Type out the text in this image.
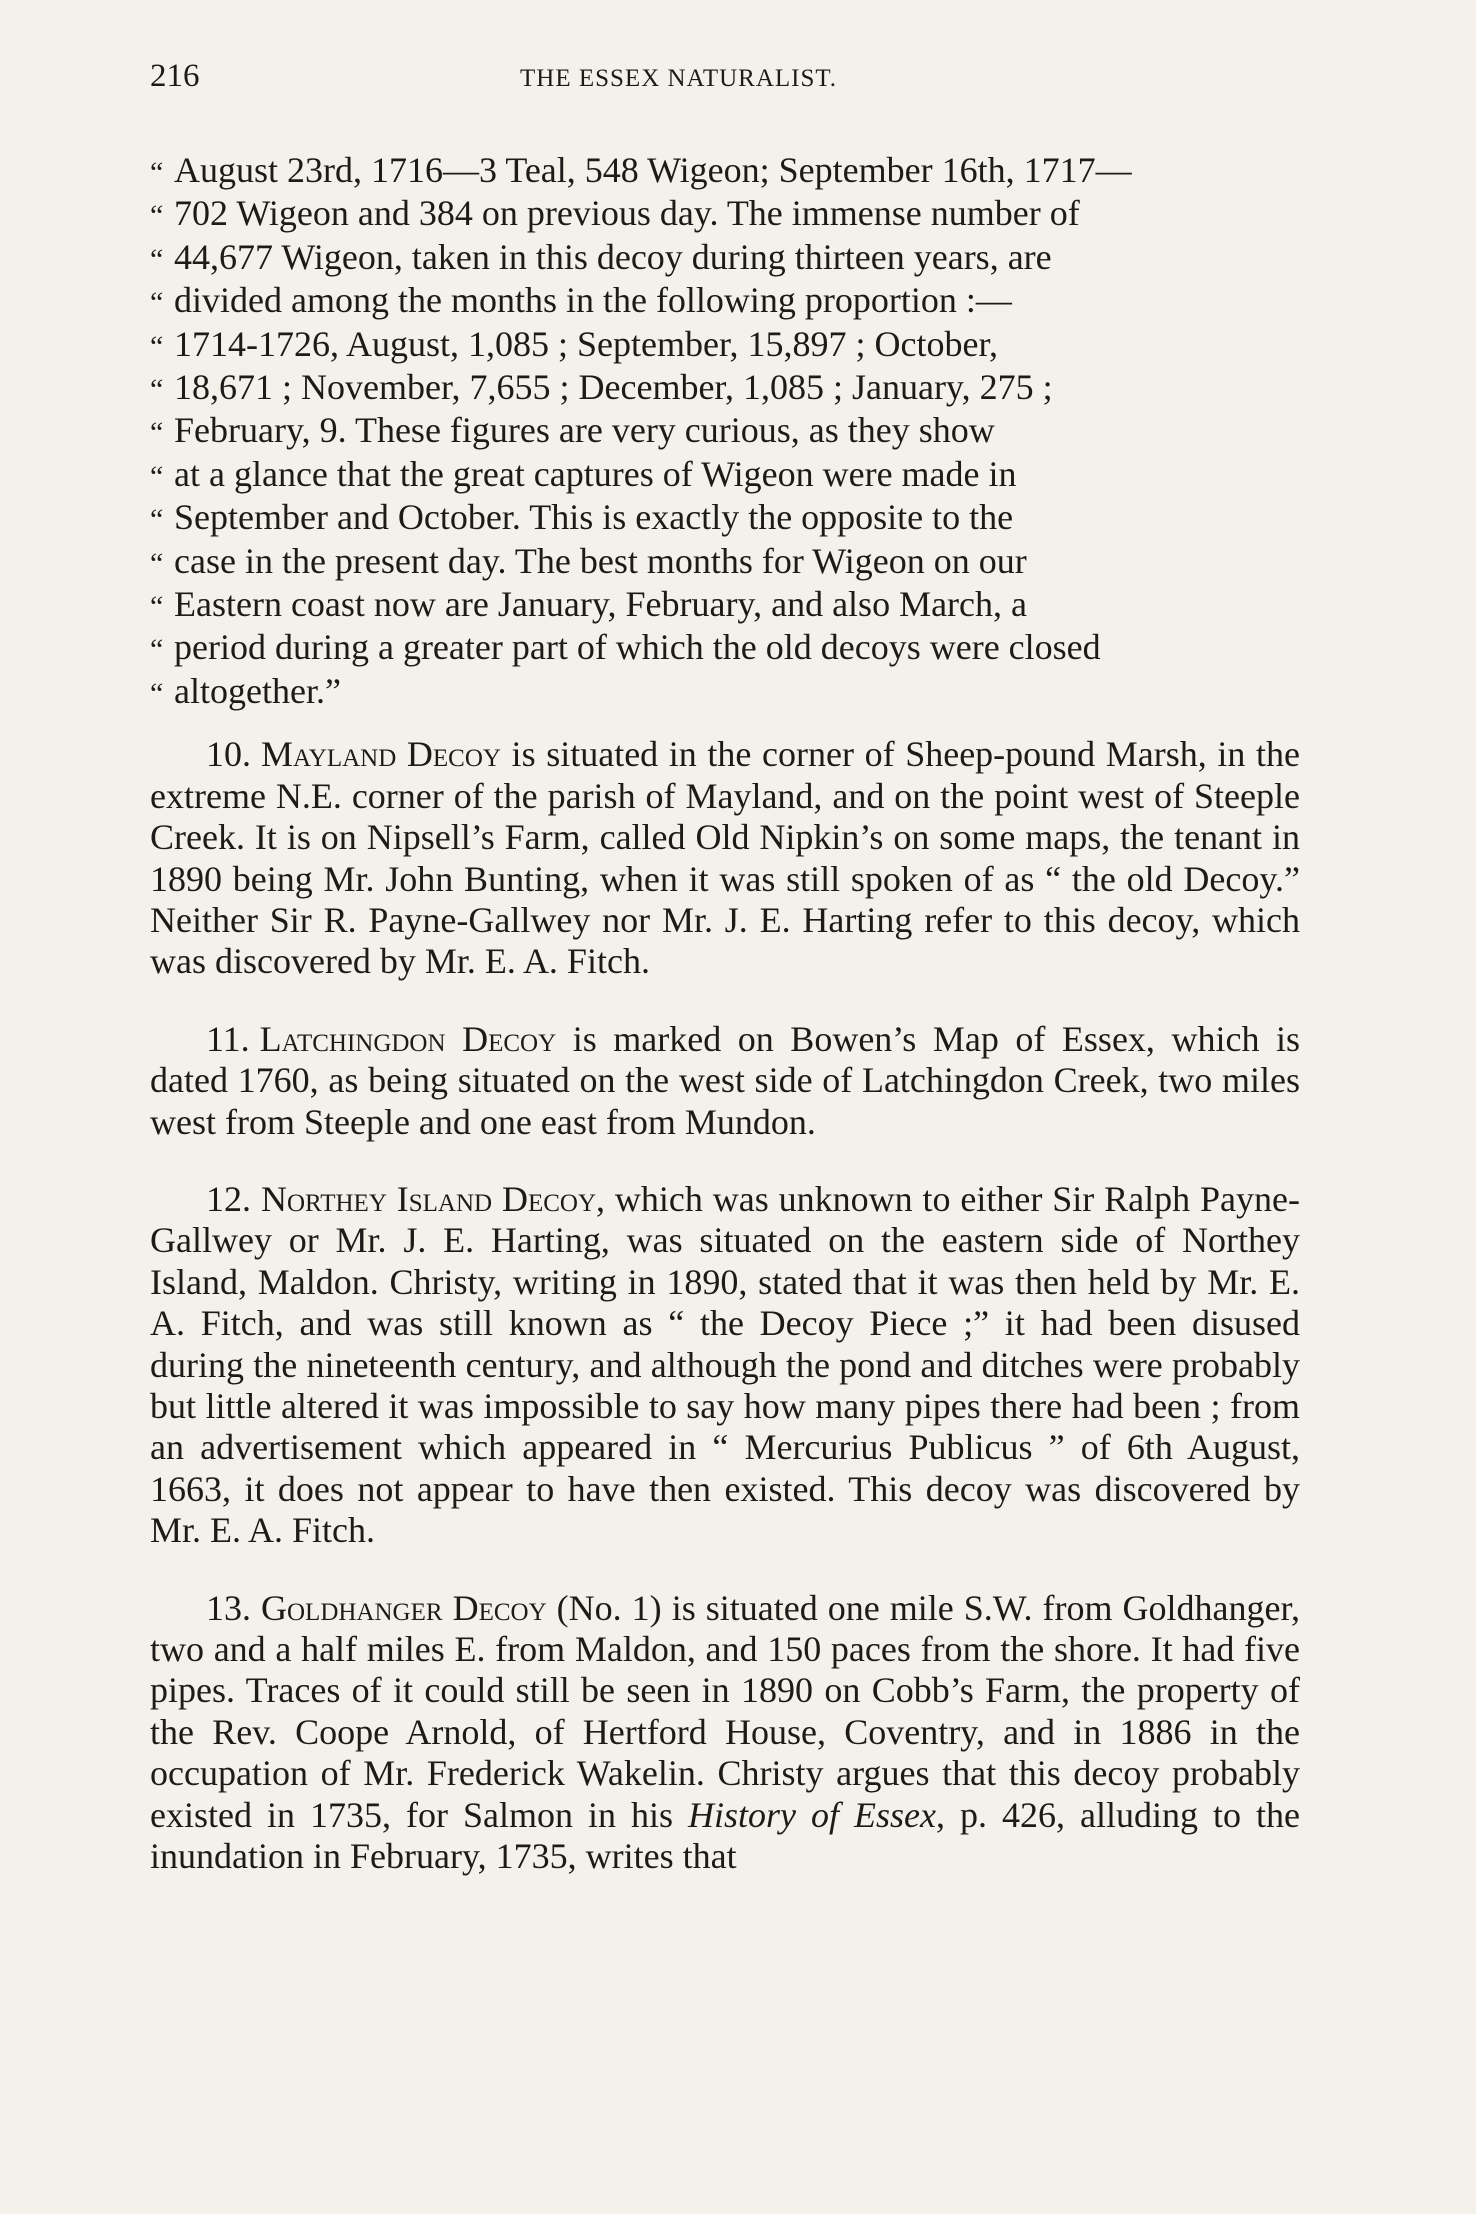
216	THE ESSEX NATURALIST.
“ August 23rd, 1716—3 Teal, 548 Wigeon; September 16th, 1717—
“ 702 Wigeon and 384 on previous day. The immense number of
“ 44,677 Wigeon, taken in this decoy during thirteen years, are
“ divided among the months in the following proportion :—
“ 1714-1726, August, 1,085 ; September, 15,897 ; October,
“ 18,671 ; November, 7,655 ; December, 1,085 ; January, 275 ;
“ February, 9. These figures are very curious, as they show
“ at a glance that the great captures of Wigeon were made in
“ September and October. This is exactly the opposite to the
“ case in the present day. The best months for Wigeon on our
“ Eastern coast now are January, February, and also March, a
“ period during a greater part of which the old decoys were closed
“ altogether.”

10. Mayland Decoy is situated in the corner of Sheep-pound Marsh, in the extreme N.E. corner of the parish of Mayland, and on the point west of Steeple Creek. It is on Nipsell’s Farm, called Old Nipkin’s on some maps, the tenant in 1890 being Mr. John Bunting, when it was still spoken of as “ the old Decoy.” Neither Sir R. Payne-Gallwey nor Mr. J. E. Harting refer to this decoy, which was discovered by Mr. E. A. Fitch.

11. Latchingdon Decoy is marked on Bowen’s Map of Essex, which is dated 1760, as being situated on the west side of Latchingdon Creek, two miles west from Steeple and one east from Mundon.

12. Northey Island Decoy, which was unknown to either Sir Ralph Payne-Gallwey or Mr. J. E. Harting, was situated on the eastern side of Northey Island, Maldon. Christy, writing in 1890, stated that it was then held by Mr. E. A. Fitch, and was still known as “ the Decoy Piece ;” it had been disused during the nineteenth century, and although the pond and ditches were probably but little altered it was impossible to say how many pipes there had been ; from an advertisement which appeared in “ Mercurius Publicus ” of 6th August, 1663, it does not appear to have then existed. This decoy was discovered by Mr. E. A. Fitch.

13. Goldhanger Decoy (No. 1) is situated one mile S.W. from Goldhanger, two and a half miles E. from Maldon, and 150 paces from the shore. It had five pipes. Traces of it could still be seen in 1890 on Cobb’s Farm, the property of the Rev. Coope Arnold, of Hertford House, Coventry, and in 1886 in the occupation of Mr. Frederick Wakelin. Christy argues that this decoy probably existed in 1735, for Salmon in his History of Essex, p. 426, alluding to the inundation in February, 1735, writes that
